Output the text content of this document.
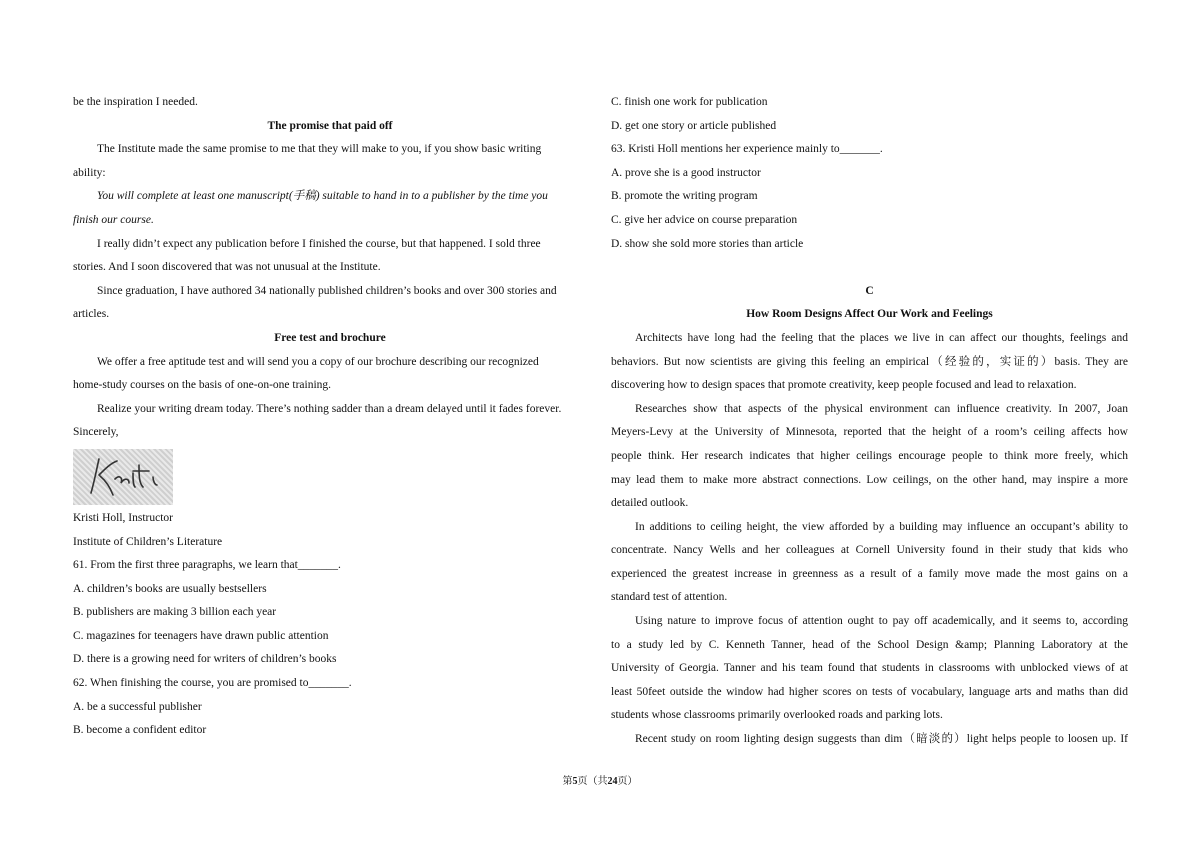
be the inspiration I needed.
The promise that paid off
The Institute made the same promise to me that they will make to you, if you show basic writing
ability:
You will complete at least one manuscript(手稿) suitable to hand in to a publisher by the time you
finish our course.
I really didn’t expect any publication before I finished the course, but that happened. I sold three
stories. And I soon discovered that was not unusual at the Institute.
Since graduation, I have authored 34 nationally published children’s books and over 300 stories and
articles.
Free test and brochure
We offer a free aptitude test and will send you a copy of our brochure describing our recognized
home-study courses on the basis of one-on-one training.
Realize your writing dream today. There’s nothing sadder than a dream delayed until it fades forever.
Sincerely,
Kristi Holl, Instructor
Institute of Children’s Literature
61. From the first three paragraphs, we learn that_______.
A. children’s books are usually bestsellers
B. publishers are making 3 billion each year
C. magazines for teenagers have drawn public attention
D. there is a growing need for writers of children’s books
62. When finishing the course, you are promised to_______.
A. be a successful publisher
B. become a confident editor
C. finish one work for publication
D. get one story or article published
63. Kristi Holl mentions her experience mainly to_______.
A. prove she is a good instructor
B. promote the writing program
C. give her advice on course preparation
D. show she sold more stories than article
C
How Room Designs Affect Our Work and Feelings
Architects have long had the feeling that the places we live in can affect our thoughts, feelings and
behaviors. But now scientists are giving this feeling an empirical（经验的，实证的）basis. They are
discovering how to design spaces that promote creativity, keep people focused and lead to relaxation.
Researches show that aspects of the physical environment can influence creativity. In 2007, Joan
Meyers-Levy at the University of Minnesota, reported that the height of a room’s ceiling affects how
people think. Her research indicates that higher ceilings encourage people to think more freely, which
may lead them to make more abstract connections. Low ceilings, on the other hand, may inspire a more
detailed outlook.
In additions to ceiling height, the view afforded by a building may influence an occupant’s ability to
concentrate. Nancy Wells and her colleagues at Cornell University found in their study that kids who
experienced the greatest increase in greenness as a result of a family move made the most gains on a
standard test of attention.
Using nature to improve focus of attention ought to pay off academically, and it seems to, according
to a study led by C. Kenneth Tanner, head of the School Design &amp; Planning Laboratory at the
University of Georgia. Tanner and his team found that students in classrooms with unblocked views of at
least 50feet outside the window had higher scores on tests of vocabulary, language arts and maths than did
students whose classrooms primarily overlooked roads and parking lots.
Recent study on room lighting design suggests than dim（暗淡的）light helps people to loosen up. If
第5页（共24页）
